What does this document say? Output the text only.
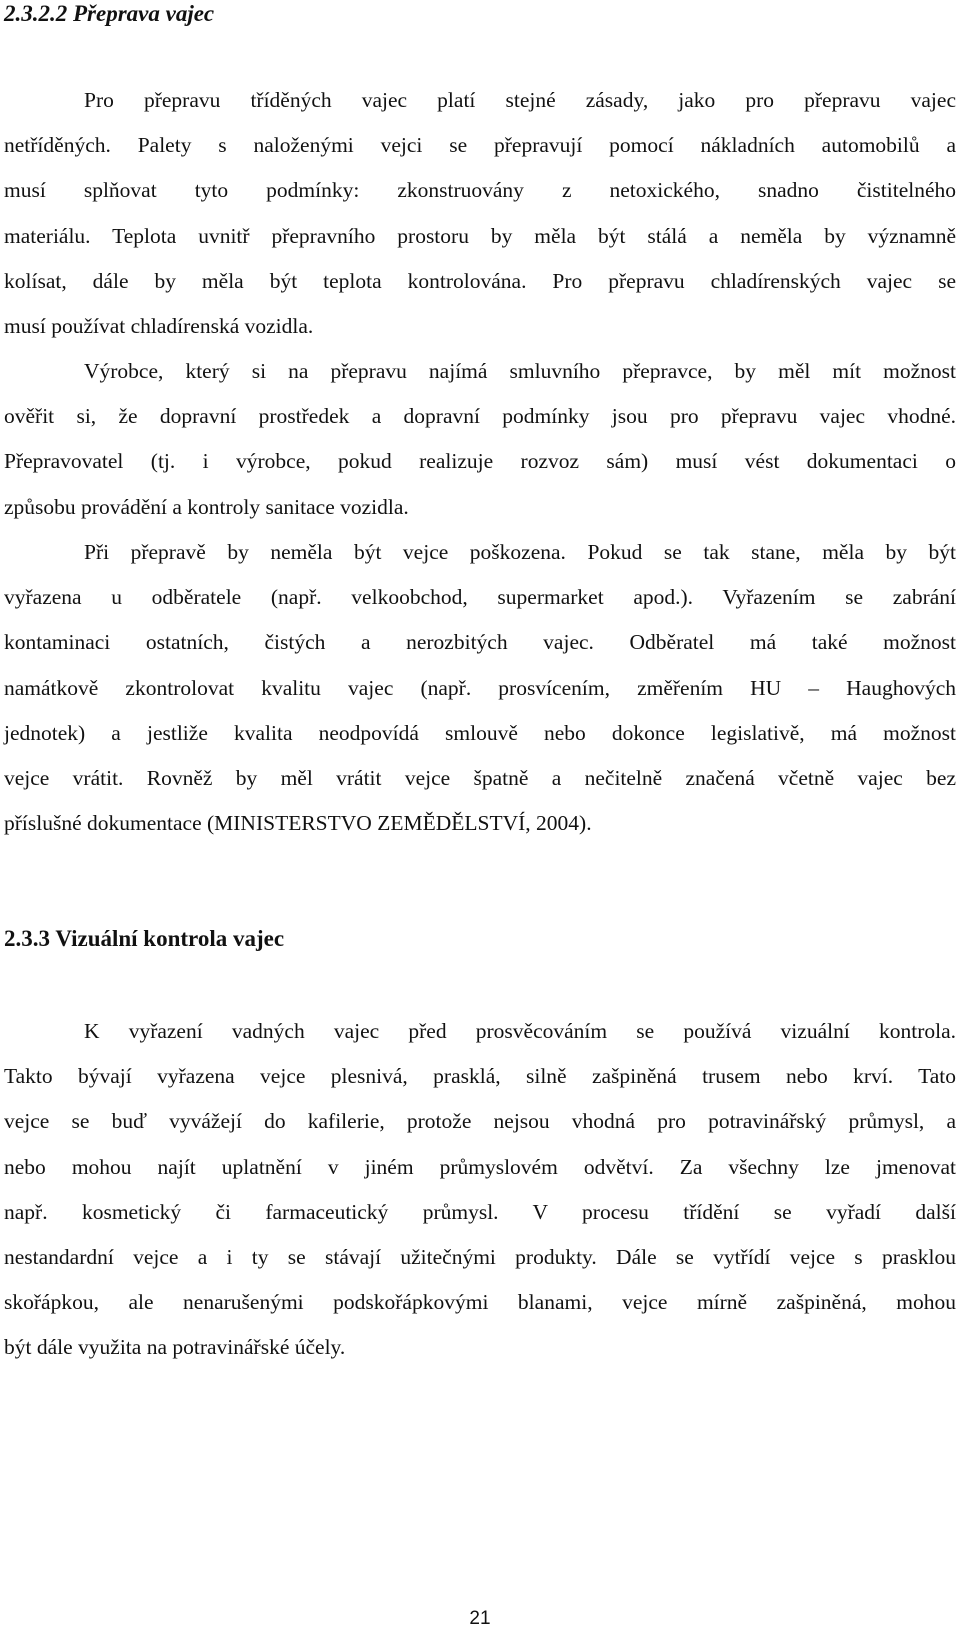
2.3.2.2 Přeprava vajec
Pro přepravu tříděných vajec platí stejné zásady, jako pro přepravu vajec
netříděných. Palety s naloženými vejci se přepravují pomocí nákladních automobilů a
musí splňovat tyto podmínky: zkonstruovány z netoxického, snadno čistitelného
materiálu. Teplota uvnitř přepravního prostoru by měla být stálá a neměla by významně
kolísat, dále by měla být teplota kontrolována. Pro přepravu chladírenských vajec se
musí používat chladírenská vozidla.
Výrobce, který si na přepravu najímá smluvního přepravce, by měl mít možnost
ověřit si, že dopravní prostředek a dopravní podmínky jsou pro přepravu vajec vhodné.
Přepravovatel (tj. i výrobce, pokud realizuje rozvoz sám) musí vést dokumentaci o
způsobu provádění a kontroly sanitace vozidla.
Při přepravě by neměla být vejce poškozena. Pokud se tak stane, měla by být
vyřazena u odběratele (např. velkoobchod, supermarket apod.). Vyřazením se zabrání
kontaminaci ostatních, čistých a nerozbitých vajec. Odběratel má také možnost
namátkově zkontrolovat kvalitu vajec (např. prosvícením, změřením HU – Haughových
jednotek) a jestliže kvalita neodpovídá smlouvě nebo dokonce legislativě, má možnost
vejce vrátit. Rovněž by měl vrátit vejce špatně a nečitelně značená včetně vajec bez
příslušné dokumentace (MINISTERSTVO ZEMĚDĚLSTVÍ, 2004).
2.3.3 Vizuální kontrola vajec
K vyřazení vadných vajec před prosvěcováním se používá vizuální kontrola.
Takto bývají vyřazena vejce plesnivá, prasklá, silně zašpiněná trusem nebo krví. Tato
vejce se buď vyvážejí do kafilerie, protože nejsou vhodná pro potravinářský průmysl, a
nebo mohou najít uplatnění v jiném průmyslovém odvětví. Za všechny lze jmenovat
např. kosmetický či farmaceutický průmysl. V procesu třídění se vyřadí další
nestandardní vejce a i ty se stávají užitečnými produkty. Dále se vytřídí vejce s prasklou
skořápkou, ale nenarušenými podskořápkovými blanami, vejce mírně zašpiněná, mohou
být dále využita na potravinářské účely.
21
